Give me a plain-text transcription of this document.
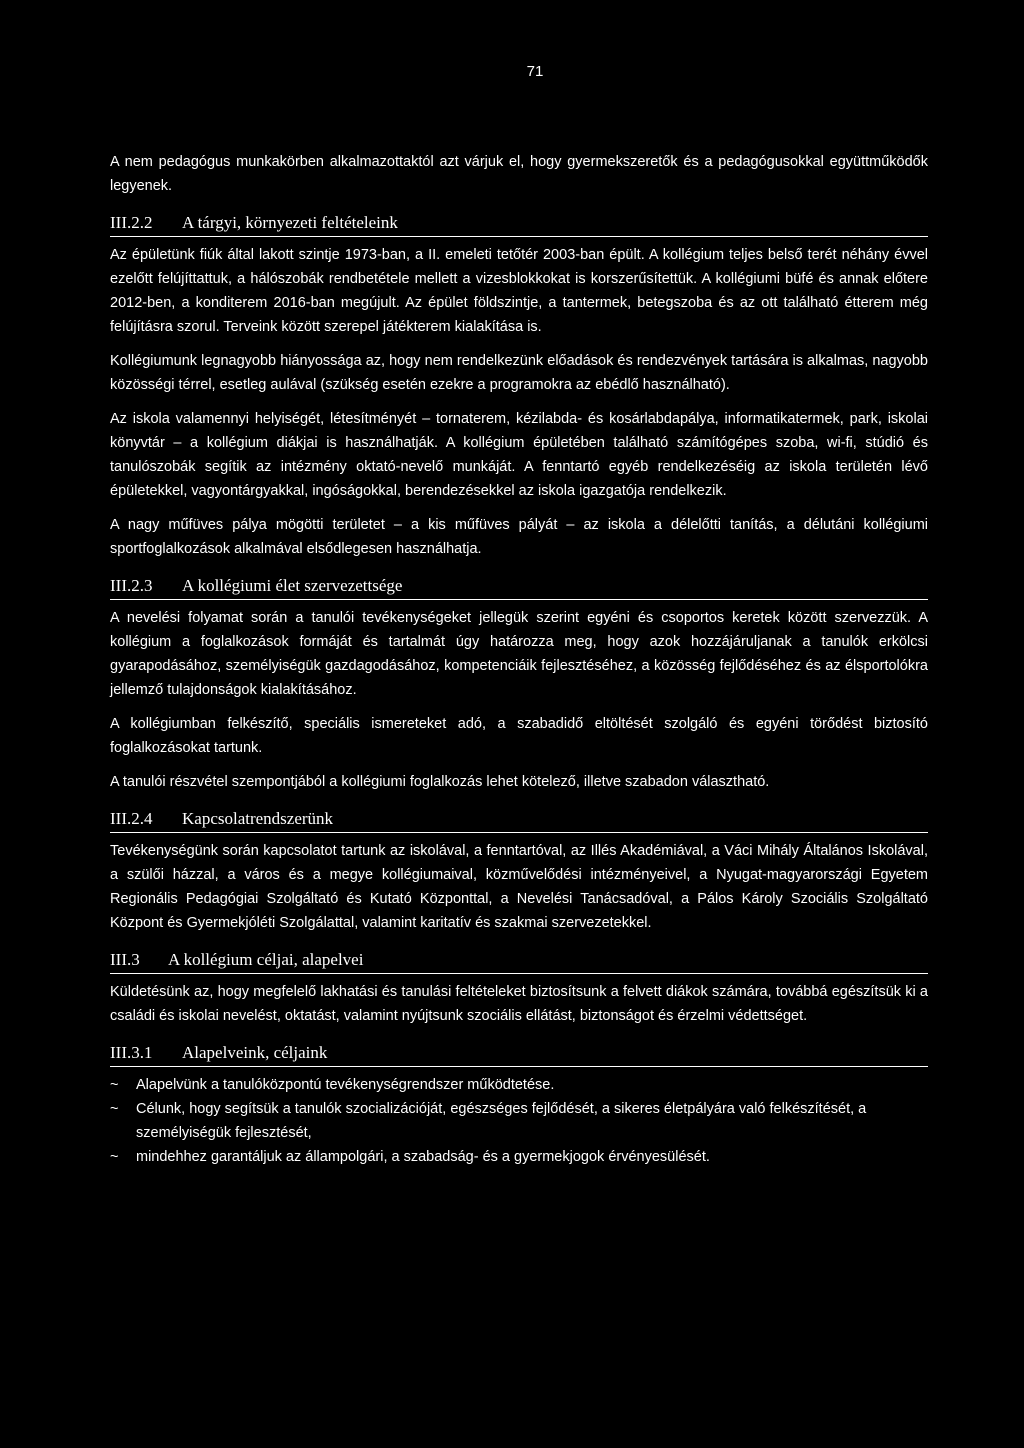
71

A nem pedagógus munkakörben alkalmazottaktól azt várjuk el, hogy gyermekszeretők és a pedagógusokkal együttműködők legyenek.

III.2.2	A tárgyi, környezeti feltételeink

Az épületünk fiúk által lakott szintje 1973-ban, a II. emeleti tetőtér 2003-ban épült. A kollégium teljes belső terét néhány évvel ezelőtt felújíttattuk, a hálószobák rendbetétele mellett a vizesblokkokat is korszerűsítettük. A kollégiumi büfé és annak előtere 2012-ben, a konditerem 2016-ban megújult. Az épület földszintje, a tantermek, betegszoba és az ott található étterem még felújításra szorul. Terveink között szerepel játékterem kialakítása is.

Kollégiumunk legnagyobb hiányossága az, hogy nem rendelkezünk előadások és rendezvények tartására is alkalmas, nagyobb közösségi térrel, esetleg aulával (szükség esetén ezekre a programokra az ebédlő használható).

Az iskola valamennyi helyiségét, létesítményét – tornaterem, kézilabda- és kosárlabdapálya, informatikatermek, park, iskolai könyvtár – a kollégium diákjai is használhatják. A kollégium épületében található számítógépes szoba, wi-fi, stúdió és tanulószobák segítik az intézmény oktató-nevelő munkáját. A fenntartó egyéb rendelkezéséig az iskola területén lévő épületekkel, vagyontárgyakkal, ingóságokkal, berendezésekkel az iskola igazgatója rendelkezik.

A nagy műfüves pálya mögötti területet – a kis műfüves pályát – az iskola a délelőtti tanítás, a délutáni kollégiumi sportfoglalkozások alkalmával elsődlegesen használhatja.

III.2.3	A kollégiumi élet szervezettsége

A nevelési folyamat során a tanulói tevékenységeket jellegük szerint egyéni és csoportos keretek között szervezzük. A kollégium a foglalkozások formáját és tartalmát úgy határozza meg, hogy azok hozzájáruljanak a tanulók erkölcsi gyarapodásához, személyiségük gazdagodásához, kompetenciáik fejlesztéséhez, a közösség fejlődéséhez és az élsportolókra jellemző tulajdonságok kialakításához.

A kollégiumban felkészítő, speciális ismereteket adó, a szabadidő eltöltését szolgáló és egyéni törődést biztosító foglalkozásokat tartunk.

A tanulói részvétel szempontjából a kollégiumi foglalkozás lehet kötelező, illetve szabadon választható.

III.2.4	Kapcsolatrendszerünk

Tevékenységünk során kapcsolatot tartunk az iskolával, a fenntartóval, az Illés Akadémiával, a Váci Mihály Általános Iskolával, a szülői házzal, a város és a megye kollégiumaival, közművelődési intézményeivel, a Nyugat-magyarországi Egyetem Regionális Pedagógiai Szolgáltató és Kutató Központtal, a Nevelési Tanácsadóval, a Pálos Károly Szociális Szolgáltató Központ és Gyermekjóléti Szolgálattal, valamint karitatív és szakmai szervezetekkel.

III.3	A kollégium céljai, alapelvei

Küldetésünk az, hogy megfelelő lakhatási és tanulási feltételeket biztosítsunk a felvett diákok számára, továbbá egészítsük ki a családi és iskolai nevelést, oktatást, valamint nyújtsunk szociális ellátást, biztonságot és érzelmi védettséget.

III.3.1	Alapelveink, céljaink
~ Alapelvünk a tanulóközpontú tevékenységrendszer működtetése.
~ Célunk, hogy segítsük a tanulók szocializációját, egészséges fejlődését, a sikeres életpályára való felkészítését, a személyiségük fejlesztését,
~ mindehhez garantáljuk az állampolgári, a szabadság- és a gyermekjogok érvényesülését.
